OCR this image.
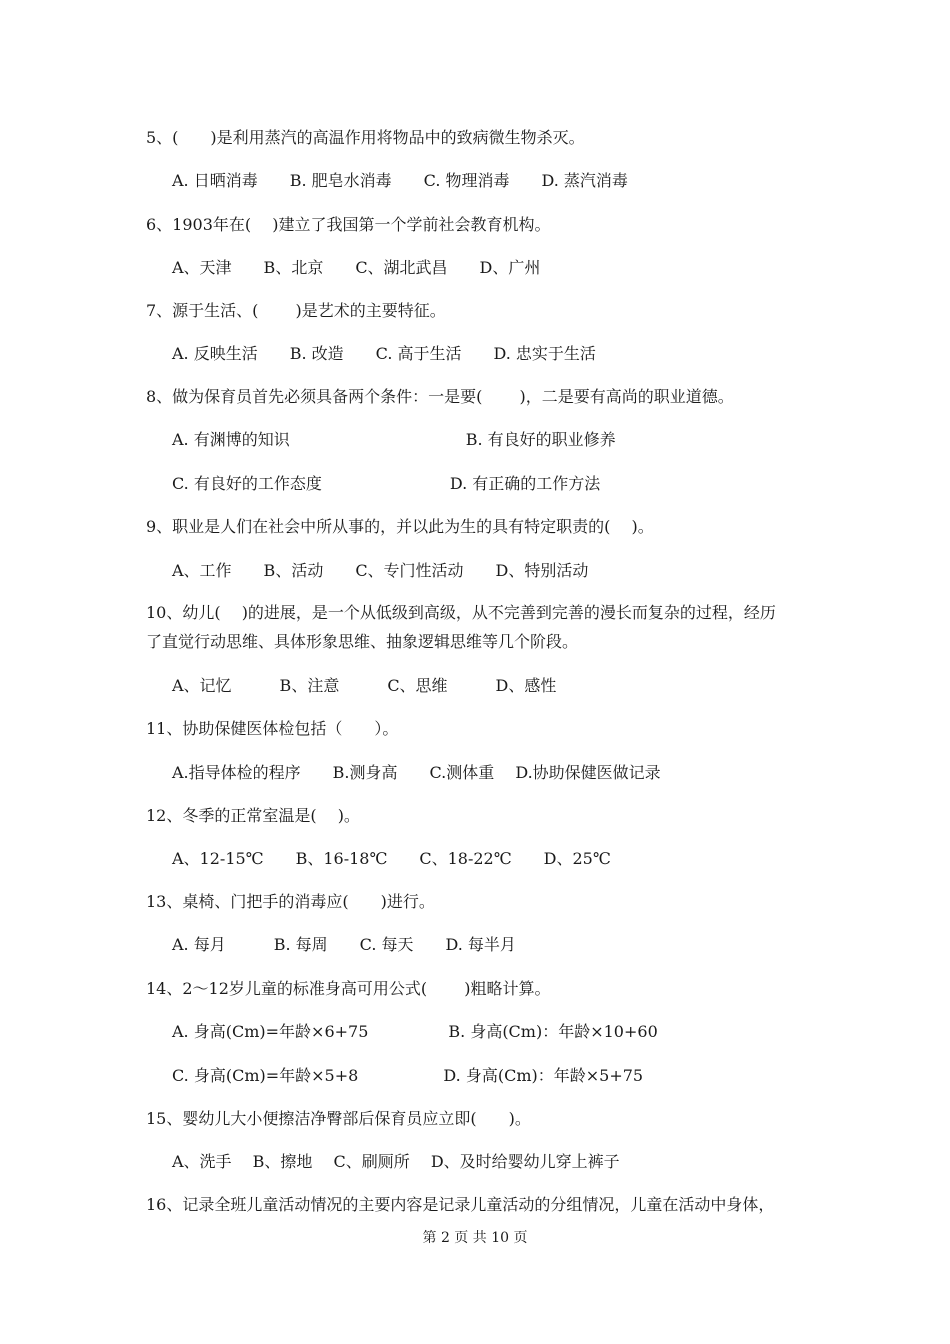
5、(　　)是利用蒸汽的高温作用将物品中的致病微生物杀灭。
A. 日晒消毒　　B. 肥皂水消毒　　C. 物理消毒　　D. 蒸汽消毒
6、1903年在(　 )建立了我国第一个学前社会教育机构。
A、天津　　B、北京　　C、湖北武昌　　D、广州
7、源于生活、(　 　)是艺术的主要特征。
A. 反映生活　　B. 改造　　C. 高于生活　　D. 忠实于生活
8、做为保育员首先必须具备两个条件：一是要(　　 )，二是要有高尚的职业道德。
A. 有渊博的知识　　　　　　　　　　　B. 有良好的职业修养
C. 有良好的工作态度　　　　　　　　D. 有正确的工作方法
9、职业是人们在社会中所从事的，并以此为生的具有特定职责的(　 )。
A、工作　　B、活动　　C、专门性活动　　D、特别活动
10、幼儿(　 )的进展，是一个从低级到高级，从不完善到完善的漫长而复杂的过程，经历
了直觉行动思维、具体形象思维、抽象逻辑思维等几个阶段。
A、记忆　　　B、注意　　　C、思维　　　D、感性
11、协助保健医体检包括（　　）。
A.指导体检的程序　　B.测身高　　C.测体重　 D.协助保健医做记录
12、冬季的正常室温是(　 )。
A、12-15℃　　B、16-18℃　　C、18-22℃　　D、25℃
13、桌椅、门把手的消毒应(　　)进行。
A. 每月　　　B. 每周　　C. 每天　　D. 每半月
14、2～12岁儿童的标准身高可用公式(　 　)粗略计算。
A. 身高(Cm)=年龄×6+75　　　　　B. 身高(Cm)：年龄×10+60
C. 身高(Cm)=年龄×5+8　　　　　 D. 身高(Cm)：年龄×5+75
15、婴幼儿大小便擦洁净臀部后保育员应立即(　　)。
A、洗手　 B、擦地　 C、刷厕所　 D、及时给婴幼儿穿上裤子
16、记录全班儿童活动情况的主要内容是记录儿童活动的分组情况，儿童在活动中身体，
第 2 页 共 10 页
